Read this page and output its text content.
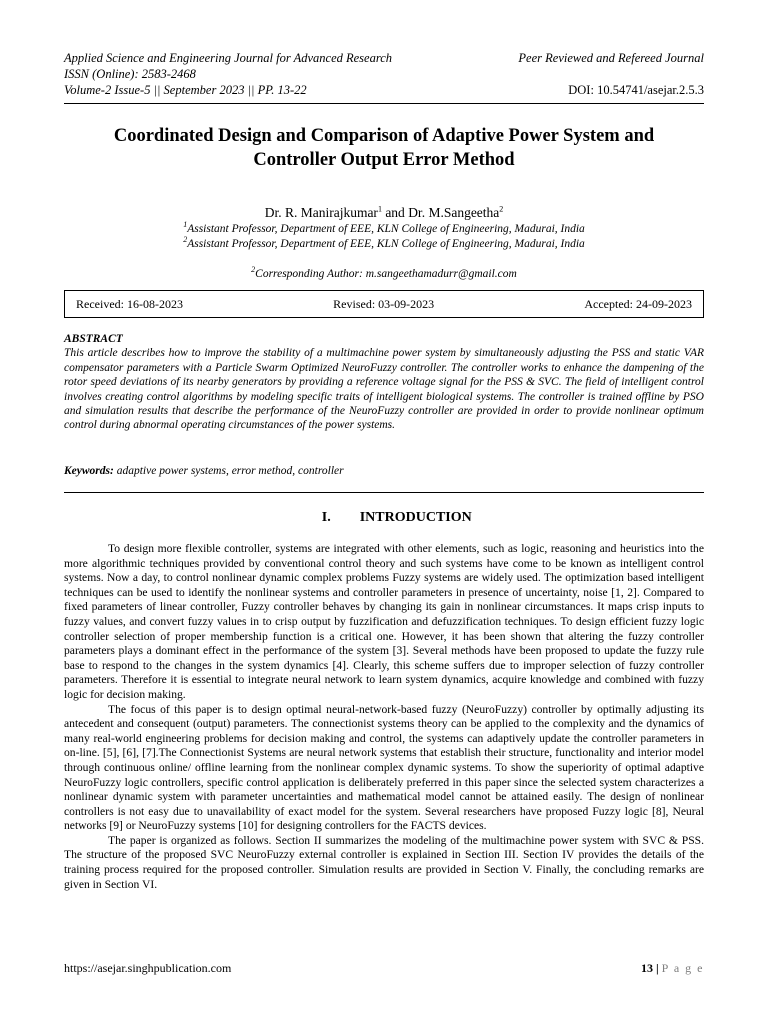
Applied Science and Engineering Journal for Advanced Research	Peer Reviewed and Refereed Journal
ISSN (Online): 2583-2468
Volume-2 Issue-5 || September 2023 || PP. 13-22	DOI: 10.54741/asejar.2.5.3
Coordinated Design and Comparison of Adaptive Power System and
Controller Output Error Method
Dr. R. Manirajkumar$^1$ and Dr. M.Sangeetha$^2$
$^1$Assistant Professor, Department of EEE, KLN College of Engineering, Madurai, India
$^2$Assistant Professor, Department of EEE, KLN College of Engineering, Madurai, India
$^2$Corresponding Author: m.sangeethamadurr@gmail.com
Received: 16-08-2023	Revised: 03-09-2023	Accepted: 24-09-2023
ABSTRACT
This article describes how to improve the stability of a multimachine power system by simultaneously adjusting the PSS and static VAR compensator parameters with a Particle Swarm Optimized NeuroFuzzy controller. The controller works to enhance the dampening of the rotor speed deviations of its nearby generators by providing a reference voltage signal for the PSS & SVC. The field of intelligent control involves creating control algorithms by modeling specific traits of intelligent biological systems. The controller is trained offline by PSO and simulation results that describe the performance of the NeuroFuzzy controller are provided in order to provide nonlinear optimum control during abnormal operating circumstances of the power systems.
Keywords: adaptive power systems, error method, controller
I. INTRODUCTION

To design more flexible controller, systems are integrated with other elements, such as logic, reasoning and heuristics into the more algorithmic techniques provided by conventional control theory and such systems have come to be known as intelligent control systems. Now a day, to control nonlinear dynamic complex problems Fuzzy systems are widely used. The optimization based intelligent techniques can be used to identify the nonlinear systems and controller parameters in presence of uncertainty, noise [1, 2]. Compared to fixed parameters of linear controller, Fuzzy controller behaves by changing its gain in nonlinear circumstances. It maps crisp inputs to fuzzy values, and convert fuzzy values in to crisp output by fuzzification and defuzzification techniques. To design efficient fuzzy logic controller selection of proper membership function is a critical one. However, it has been shown that altering the fuzzy controller parameters plays a dominant effect in the performance of the system [3]. Several methods have been proposed to update the fuzzy rule base to respond to the changes in the system dynamics [4]. Clearly, this scheme suffers due to improper selection of fuzzy controller parameters. Therefore it is essential to integrate neural network to learn system dynamics, acquire knowledge and combined with fuzzy logic for decision making.

The focus of this paper is to design optimal neural-network-based fuzzy (NeuroFuzzy) controller by optimally adjusting its antecedent and consequent (output) parameters. The connectionist systems theory can be applied to the complexity and the dynamics of many real-world engineering problems for decision making and control, the systems can adaptively update the controller parameters in on-line. [5], [6], [7].The Connectionist Systems are neural network systems that establish their structure, functionality and interior model through continuous online/ offline learning from the nonlinear complex dynamic systems. To show the superiority of optimal adaptive NeuroFuzzy logic controllers, specific control application is deliberately preferred in this paper since the selected system characterizes a nonlinear dynamic system with parameter uncertainties and mathematical model cannot be attained easily. The design of nonlinear controllers is not easy due to unavailability of exact model for the system. Several researchers have proposed Fuzzy logic [8], Neural networks [9] or NeuroFuzzy systems [10] for designing controllers for the FACTS devices.

The paper is organized as follows. Section II summarizes the modeling of the multimachine power system with SVC & PSS. The structure of the proposed SVC NeuroFuzzy external controller is explained in Section III. Section IV provides the details of the training process required for the proposed controller. Simulation results are provided in Section V. Finally, the concluding remarks are given in Section VI.

https://asejar.singhpublication.com	13 | P a g e
